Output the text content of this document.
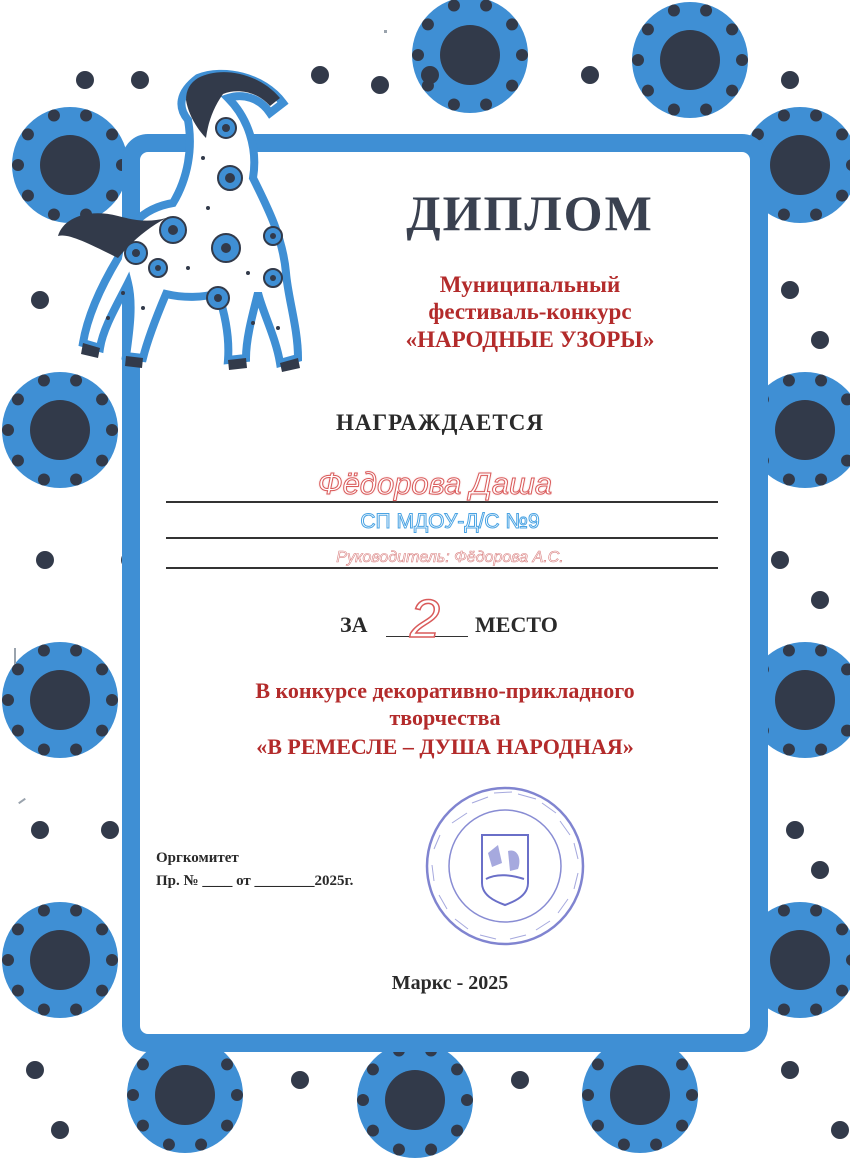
ДИПЛОМ
Муниципальный
фестиваль-конкурс
«НАРОДНЫЕ УЗОРЫ»
НАГРАЖДАЕТСЯ
Фёдорова Даша
СП МДОУ-Д/С №9
Руководитель: Фёдорова А.С.
ЗА 2	МЕСТО
В конкурсе декоративно-прикладного
творчества
«В РЕМЕСЛЕ – ДУША НАРОДНАЯ»
Оргкомитет
Пр. № ____ от ________2025г.
Маркс - 2025
